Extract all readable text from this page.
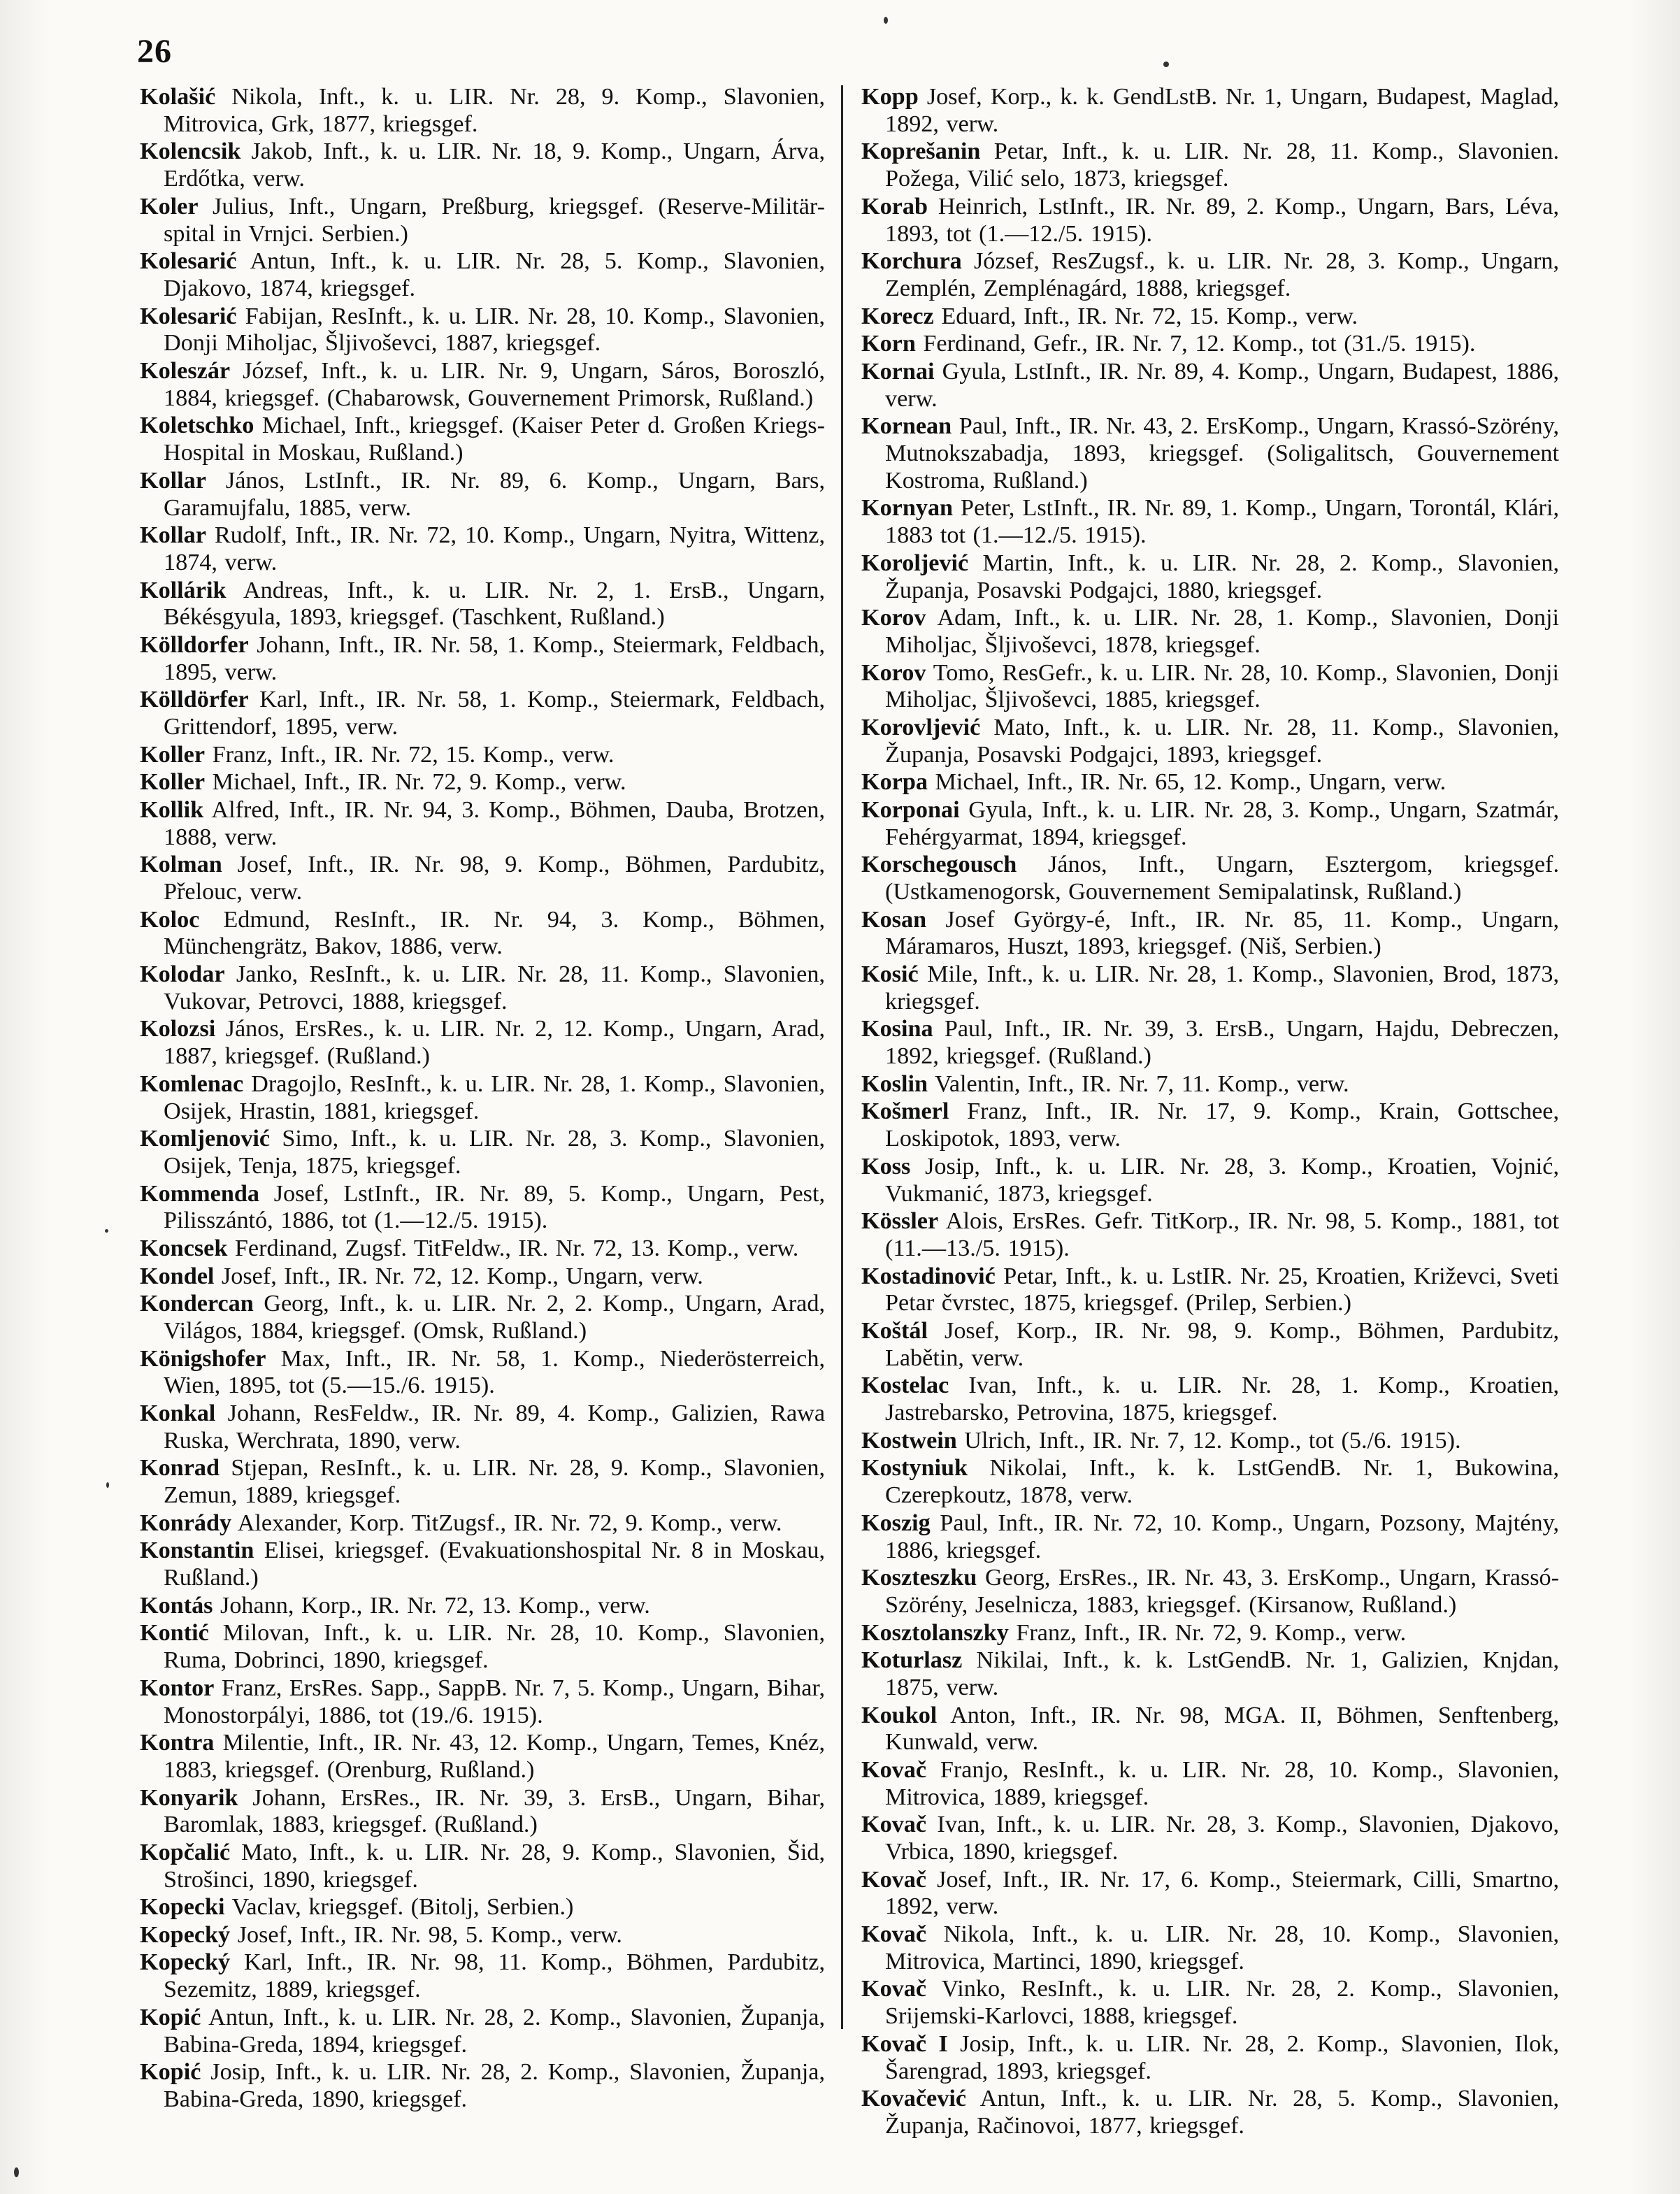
26

Kolašić Nikola, Inft., k. u. LIR. Nr. 28, 9. Komp., Slavonien, Mitrovica, Grk, 1877, kriegsgef.

Kolencsik Jakob, Inft., k. u. LIR. Nr. 18, 9. Komp., Ungarn, Árva, Erdőtka, verw.

Koler Julius, Inft., Ungarn, Preßburg, kriegsgef. (Reserve-Militär-spital in Vrnjci. Serbien.)

Kolesarić Antun, Inft., k. u. LIR. Nr. 28, 5. Komp., Slavonien, Djakovo, 1874, kriegsgef.

Kolesarić Fabijan, ResInft., k. u. LIR. Nr. 28, 10. Komp., Slavonien, Donji Miholjac, Šljivoševci, 1887, kriegsgef.

Koleszár József, Inft., k. u. LIR. Nr. 9, Ungarn, Sáros, Boroszló, 1884, kriegsgef. (Chabarowsk, Gouvernement Primorsk, Rußland.)

Koletschko Michael, Inft., kriegsgef. (Kaiser Peter d. Großen Kriegs-Hospital in Moskau, Rußland.)

Kollar János, LstInft., IR. Nr. 89, 6. Komp., Ungarn, Bars, Garamujfalu, 1885, verw.

Kollar Rudolf, Inft., IR. Nr. 72, 10. Komp., Ungarn, Nyitra, Wittenz, 1874, verw.

Kollárik Andreas, Inft., k. u. LIR. Nr. 2, 1. ErsB., Ungarn, Békésgyula, 1893, kriegsgef. (Taschkent, Rußland.)

Kölldorfer Johann, Inft., IR. Nr. 58, 1. Komp., Steiermark, Feldbach, 1895, verw.

Kölldörfer Karl, Inft., IR. Nr. 58, 1. Komp., Steiermark, Feldbach, Grittendorf, 1895, verw.

Koller Franz, Inft., IR. Nr. 72, 15. Komp., verw.

Koller Michael, Inft., IR. Nr. 72, 9. Komp., verw.

Kollik Alfred, Inft., IR. Nr. 94, 3. Komp., Böhmen, Dauba, Brotzen, 1888, verw.

Kolman Josef, Inft., IR. Nr. 98, 9. Komp., Böhmen, Pardubitz, Přelouc, verw.

Koloc Edmund, ResInft., IR. Nr. 94, 3. Komp., Böhmen, Münchengrätz, Bakov, 1886, verw.

Kolodar Janko, ResInft., k. u. LIR. Nr. 28, 11. Komp., Slavonien, Vukovar, Petrovci, 1888, kriegsgef.

Kolozsi János, ErsRes., k. u. LIR. Nr. 2, 12. Komp., Ungarn, Arad, 1887, kriegsgef. (Rußland.)

Komlenac Dragojlo, ResInft., k. u. LIR. Nr. 28, 1. Komp., Slavonien, Osijek, Hrastin, 1881, kriegsgef.

Komljenović Simo, Inft., k. u. LIR. Nr. 28, 3. Komp., Slavonien, Osijek, Tenja, 1875, kriegsgef.

Kommenda Josef, LstInft., IR. Nr. 89, 5. Komp., Ungarn, Pest, Pilisszántó, 1886, tot (1.—12./5. 1915).

Koncsek Ferdinand, Zugsf. TitFeldw., IR. Nr. 72, 13. Komp., verw.

Kondel Josef, Inft., IR. Nr. 72, 12. Komp., Ungarn, verw.

Kondercan Georg, Inft., k. u. LIR. Nr. 2, 2. Komp., Ungarn, Arad, Világos, 1884, kriegsgef. (Omsk, Rußland.)

Königshofer Max, Inft., IR. Nr. 58, 1. Komp., Niederösterreich, Wien, 1895, tot (5.—15./6. 1915).

Konkal Johann, ResFeldw., IR. Nr. 89, 4. Komp., Galizien, Rawa Ruska, Werchrata, 1890, verw.

Konrad Stjepan, ResInft., k. u. LIR. Nr. 28, 9. Komp., Slavonien, Zemun, 1889, kriegsgef.

Konrády Alexander, Korp. TitZugsf., IR. Nr. 72, 9. Komp., verw.

Konstantin Elisei, kriegsgef. (Evakuationshospital Nr. 8 in Moskau, Rußland.)

Kontás Johann, Korp., IR. Nr. 72, 13. Komp., verw.

Kontić Milovan, Inft., k. u. LIR. Nr. 28, 10. Komp., Slavonien, Ruma, Dobrinci, 1890, kriegsgef.

Kontor Franz, ErsRes. Sapp., SappB. Nr. 7, 5. Komp., Ungarn, Bihar, Monostorpályi, 1886, tot (19./6. 1915).

Kontra Milentie, Inft., IR. Nr. 43, 12. Komp., Ungarn, Temes, Knéz, 1883, kriegsgef. (Orenburg, Rußland.)

Konyarik Johann, ErsRes., IR. Nr. 39, 3. ErsB., Ungarn, Bihar, Baromlak, 1883, kriegsgef. (Rußland.)

Kopčalić Mato, Inft., k. u. LIR. Nr. 28, 9. Komp., Slavonien, Šid, Strošinci, 1890, kriegsgef.

Kopecki Vaclav, kriegsgef. (Bitolj, Serbien.)

Kopecký Josef, Inft., IR. Nr. 98, 5. Komp., verw.

Kopecký Karl, Inft., IR. Nr. 98, 11. Komp., Böhmen, Pardubitz, Sezemitz, 1889, kriegsgef.

Kopić Antun, Inft., k. u. LIR. Nr. 28, 2. Komp., Slavonien, Županja, Babina-Greda, 1894, kriegsgef.

Kopić Josip, Inft., k. u. LIR. Nr. 28, 2. Komp., Slavonien, Županja, Babina-Greda, 1890, kriegsgef.

Kopp Josef, Korp., k. k. GendLstB. Nr. 1, Ungarn, Budapest, Maglad, 1892, verw.

Koprešanin Petar, Inft., k. u. LIR. Nr. 28, 11. Komp., Slavonien. Požega, Vilić selo, 1873, kriegsgef.

Korab Heinrich, LstInft., IR. Nr. 89, 2. Komp., Ungarn, Bars, Léva, 1893, tot (1.—12./5. 1915).

Korchura József, ResZugsf., k. u. LIR. Nr. 28, 3. Komp., Ungarn, Zemplén, Zemplénagárd, 1888, kriegsgef.

Korecz Eduard, Inft., IR. Nr. 72, 15. Komp., verw.

Korn Ferdinand, Gefr., IR. Nr. 7, 12. Komp., tot (31./5. 1915).

Kornai Gyula, LstInft., IR. Nr. 89, 4. Komp., Ungarn, Budapest, 1886, verw.

Kornean Paul, Inft., IR. Nr. 43, 2. ErsKomp., Ungarn, Krassó-Szörény, Mutnokszabadja, 1893, kriegsgef. (Soligalitsch, Gouvernement Kostroma, Rußland.)

Kornyan Peter, LstInft., IR. Nr. 89, 1. Komp., Ungarn, Torontál, Klári, 1883 tot (1.—12./5. 1915).

Koroljević Martin, Inft., k. u. LIR. Nr. 28, 2. Komp., Slavonien, Županja, Posavski Podgajci, 1880, kriegsgef.

Korov Adam, Inft., k. u. LIR. Nr. 28, 1. Komp., Slavonien, Donji Miholjac, Šljivoševci, 1878, kriegsgef.

Korov Tomo, ResGefr., k. u. LIR. Nr. 28, 10. Komp., Slavonien, Donji Miholjac, Šljivoševci, 1885, kriegsgef.

Korovljević Mato, Inft., k. u. LIR. Nr. 28, 11. Komp., Slavonien, Županja, Posavski Podgajci, 1893, kriegsgef.

Korpa Michael, Inft., IR. Nr. 65, 12. Komp., Ungarn, verw.

Korponai Gyula, Inft., k. u. LIR. Nr. 28, 3. Komp., Ungarn, Szatmár, Fehérgyarmat, 1894, kriegsgef.

Korschegousch János, Inft., Ungarn, Esztergom, kriegsgef. (Ustkamenogorsk, Gouvernement Semipalatinsk, Rußland.)

Kosan Josef György-é, Inft., IR. Nr. 85, 11. Komp., Ungarn, Máramaros, Huszt, 1893, kriegsgef. (Niš, Serbien.)

Kosić Mile, Inft., k. u. LIR. Nr. 28, 1. Komp., Slavonien, Brod, 1873, kriegsgef.

Kosina Paul, Inft., IR. Nr. 39, 3. ErsB., Ungarn, Hajdu, Debreczen, 1892, kriegsgef. (Rußland.)

Koslin Valentin, Inft., IR. Nr. 7, 11. Komp., verw.

Košmerl Franz, Inft., IR. Nr. 17, 9. Komp., Krain, Gottschee, Loskipotok, 1893, verw.

Koss Josip, Inft., k. u. LIR. Nr. 28, 3. Komp., Kroatien, Vojnić, Vukmanić, 1873, kriegsgef.

Kössler Alois, ErsRes. Gefr. TitKorp., IR. Nr. 98, 5. Komp., 1881, tot (11.—13./5. 1915).

Kostadinović Petar, Inft., k. u. LstIR. Nr. 25, Kroatien, Križevci, Sveti Petar čvrstec, 1875, kriegsgef. (Prilep, Serbien.)

Koštál Josef, Korp., IR. Nr. 98, 9. Komp., Böhmen, Pardubitz, Labětin, verw.

Kostelac Ivan, Inft., k. u. LIR. Nr. 28, 1. Komp., Kroatien, Jastrebarsko, Petrovina, 1875, kriegsgef.

Kostwein Ulrich, Inft., IR. Nr. 7, 12. Komp., tot (5./6. 1915).

Kostyniuk Nikolai, Inft., k. k. LstGendB. Nr. 1, Bukowina, Czerepkoutz, 1878, verw.

Koszig Paul, Inft., IR. Nr. 72, 10. Komp., Ungarn, Pozsony, Majtény, 1886, kriegsgef.

Koszteszku Georg, ErsRes., IR. Nr. 43, 3. ErsKomp., Ungarn, Krassó-Szörény, Jeselnicza, 1883, kriegsgef. (Kirsanow, Rußland.)

Kosztolanszky Franz, Inft., IR. Nr. 72, 9. Komp., verw.

Koturlasz Nikilai, Inft., k. k. LstGendB. Nr. 1, Galizien, Knjdan, 1875, verw.

Koukol Anton, Inft., IR. Nr. 98, MGA. II, Böhmen, Senftenberg, Kunwald, verw.

Kovač Franjo, ResInft., k. u. LIR. Nr. 28, 10. Komp., Slavonien, Mitrovica, 1889, kriegsgef.

Kovač Ivan, Inft., k. u. LIR. Nr. 28, 3. Komp., Slavonien, Djakovo, Vrbica, 1890, kriegsgef.

Kovač Josef, Inft., IR. Nr. 17, 6. Komp., Steiermark, Cilli, Smartno, 1892, verw.

Kovač Nikola, Inft., k. u. LIR. Nr. 28, 10. Komp., Slavonien, Mitrovica, Martinci, 1890, kriegsgef.

Kovač Vinko, ResInft., k. u. LIR. Nr. 28, 2. Komp., Slavonien, Srijemski-Karlovci, 1888, kriegsgef.

Kovač I Josip, Inft., k. u. LIR. Nr. 28, 2. Komp., Slavonien, Ilok, Šarengrad, 1893, kriegsgef.

Kovačević Antun, Inft., k. u. LIR. Nr. 28, 5. Komp., Slavonien, Županja, Račinovoi, 1877, kriegsgef.
